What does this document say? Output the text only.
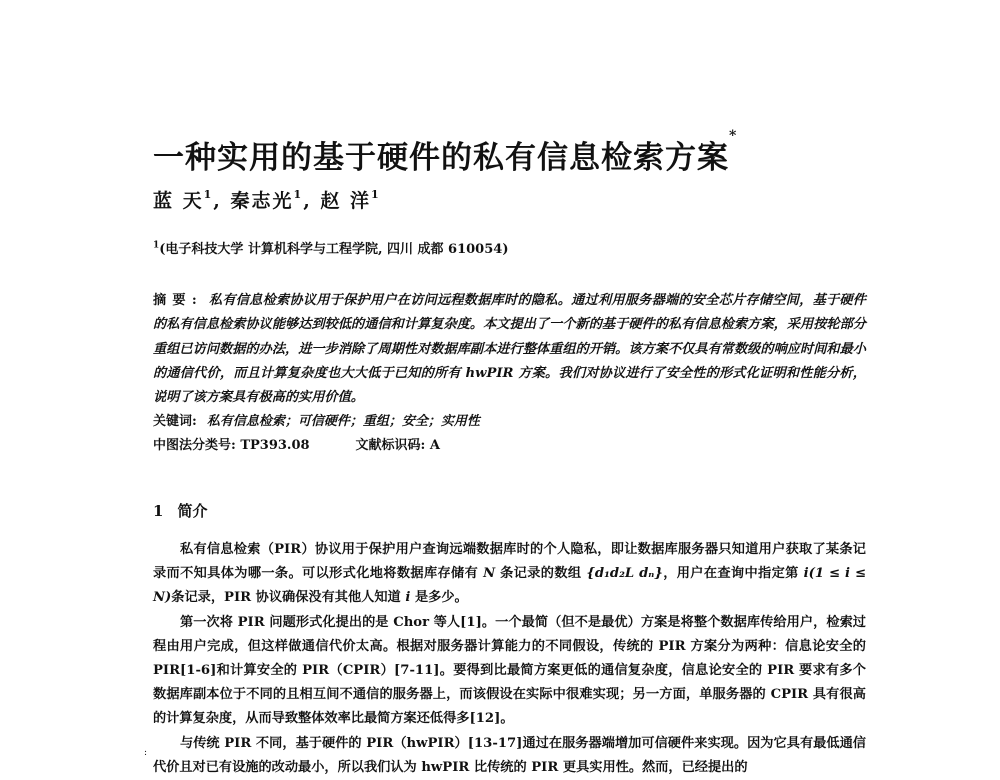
一种实用的基于硬件的私有信息检索方案*
蓝 天$^1$, 秦志光$^1$, 赵 洋$^1$
$^1$(电子科技大学 计算机科学与工程学院, 四川 成都 610054)
摘要: 私有信息检索协议用于保护用户在访问远程数据库时的隐私。通过利用服务器端的安全芯片存储空间，基于硬件的私有信息检索协议能够达到较低的通信和计算复杂度。本文提出了一个新的基于硬件的私有信息检索方案，采用按轮部分重组已访问数据的办法，进一步消除了周期性对数据库副本进行整体重组的开销。该方案不仅具有常数级的响应时间和最小的通信代价，而且计算复杂度也大大低于已知的所有 hwPIR 方案。我们对协议进行了安全性的形式化证明和性能分析，说明了该方案具有极高的实用价值。
关键词: 私有信息检索；可信硬件；重组；安全；实用性
中图法分类号: TP393.08	文献标识码: A
1 简介

私有信息检索（PIR）协议用于保护用户查询远端数据库时的个人隐私，即让数据库服务器只知道用户获取了某条记录而不知具体为哪一条。可以形式化地将数据库存储有 N 条记录的数组 {d₁d₂L dₙ}，用户在查询中指定第 i(1 ≤ i ≤ N)条记录，PIR 协议确保没有其他人知道 i 是多少。

第一次将 PIR 问题形式化提出的是 Chor 等人[1]。一个最简（但不是最优）方案是将整个数据库传给用户，检索过程由用户完成，但这样做通信代价太高。根据对服务器计算能力的不同假设，传统的 PIR 方案分为两种：信息论安全的 PIR[1-6]和计算安全的 PIR（CPIR）[7-11]。要得到比最简方案更低的通信复杂度，信息论安全的 PIR 要求有多个数据库副本位于不同的且相互间不通信的服务器上，而该假设在实际中很难实现；另一方面，单服务器的 CPIR 具有很高的计算复杂度，从而导致整体效率比最简方案还低得多[12]。

与传统 PIR 不同，基于硬件的 PIR（hwPIR）[13-17]通过在服务器端增加可信硬件来实现。因为它具有最低通信代价且对已有设施的改动最小，所以我们认为 hwPIR 比传统的 PIR 更具实用性。然而，已经提出的

:
